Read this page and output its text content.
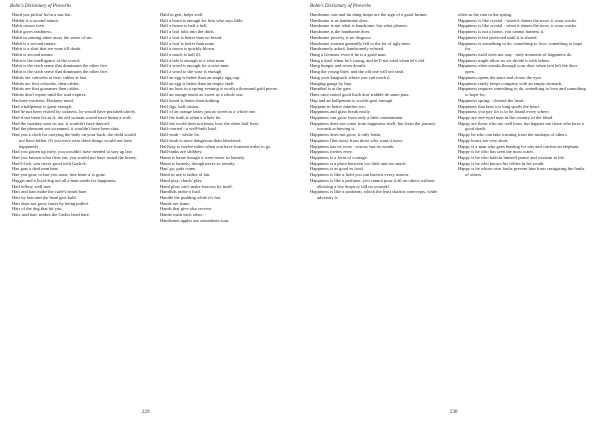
Bohn's Dictionary of Proverbs

Haud yuz pickin' bu'in a sun hot.

Habbit is a second nature.

Habit causes love.

Habit gives readiness.

Habit in sinning takes away the sense of sin.

Habit is a second nature.

Habit is a shirt that we wear till death.

Habit is second nature.

Habit is the intelligence of the crowd.

Habit is the sixth sense that dominates the other five.

Habit is the sixth sense that dominates the other five.

Habits are cobwebs at first; cables at last.

Habits are first cobwebs, then cables.

Habits are first gossamer then cables.

Habits don't expire until the soul expires.

Hackney mistress, Hackney maid.

Had a halfpenny is great enough.

Had he not been visited by sickness, he would have perished utterly.

Had it not been for as if, the old woman would have bitten a wolf.

Had the monkey seen its ass, it wouldn't have danced.

Had the pheasant not screamed, it wouldn't have been shot.

Had you a cloth for carrying the baby on your back, the child would not have fallen. (If you were wise these things would not have happened)

Had you gotten up early, you wouldn't have needed to stay up late.

Had you known what fleas eat, you would not have tasted the honey.

Had-I-fish, was never good with Garlick.

Hae gars a deaf man hear.

Hae you gear, or hae you none, tine heart a' is gone.

Haggis and a loyal dog are all a man needs for happiness.

Hail fellow, well met.

Hair and hair make the carle's beard bare.

Hair by hair and the head gets bald.

Hair does not grow faster by being pulled.

Hair of the dog that bit you.

Hair, and hair, makes the Carles head bare.

Hald in gett, helps well.

Half a brain is enough for him who says little.

Half a house is half a hell.

Half a loaf falls into the ditch.

Half a loaf is better than no bread.

Half a loaf is better than none.

Half a moon is quickly blown.

Half a much is half ill.

Half a tale is enough to a wise man.

Half a word is enough for a wise man.

Half a word to the wise is enough.

Half an egg is better than an empty egg-cup.

Half an egg is better than an empty shell.

Half an hour in a spring evening is worth a thousand gold pieces.

Half an orange tastes as sweet as a whole one.

Half bread is better than nothing.

Half figs, half raisins.

Half of an orange tastes just as sweet as a whole one.

Half the truth is often a whole lie.

Half the world does not know how the other half lives.

Half-carried - a well-built load.

Half-truth - whole lie.

Half-truth is more dangerous than falsehood.

Halfway is twelve miles when you have fourteen miles to go.

Hall-binks are sliddery.

Hame is hame though it were never so hamely.

Hame is hamely, though never so seemly.

Han' go, paki come.

Hand in use is father of lair.

Hand play, churls' play.

Hand plow can't make furrows by itself.

Handfuls make a load.

Handle the pudding while it's hot.

Hands are loans.

Hands that give also receive.

Hands wash each other.

Handsome apples are sometimes sour.

229
Bohn's Dictionary of Proverbs

Handsome cats and fat dung heaps are the sign of a good farmer.

Handsome is as handsome does.

Handsome is not what is handsome, but what pleases.

Handsome is the handsome does.

Handsome poverty is no disgrace.

Handsome women generally fall to the lot of ugly men.

Handsomely asked, handsomely refused.

Hang a German, even if he is a good man.

Hang a thief when he's young, and he'll not steal when he's old.

Hang hunger and rown drouth.

Hang the young thief, and the old one will not steal.

Hang your knapsack where you can reach it.

Hanging gangs by hap.

Hannibal is at the gate.

Hans once tasted good buck don' trabble de same pass.

Hap and an halfpennie is worlds gear enough.

Happens in better families too.

Happiness and glass break easily.

Happiness can grow from only a little contentment.

Happiness does not come from happiness itself, but from the journey towards achieving it.

Happiness does not grow, it only lends.

Happiness flies away from those who want it most.

Happiness has its roots - sorrow has its womb.

Happiness invites envy.

Happiness is a form of courage.

Happiness is a place between too little and too much.

Happiness is as good as food.

Happiness is like a field you can harvest every season.

Happiness is like a perfume, you cannot pour it all on others without allowing a few drops to fall on yourself.

Happiness is like a sunbeam, which the least shadow intercepts, while adversity is

often as the rain in the spring.

Happiness is like crystal - when it shines the most, it soon cracks.

Happiness is like crystal - when it shines the most, it soon cracks.

Happiness is not a horse, you cannot harness it.

Happiness is not perfected until it is shared.

Happiness is something to do, something to love, something to hope for.

Happiness itself does not stay - only moments of happiness do.

Happiness might allow us we divide it with others.

Happiness often sneaks through your door when you left the door open.

Happiness opens the arms and closes the eyes.

Happiness rarely keeps company with an empty stomach.

Happiness requires something to do, something to love and something to hope for.

Happiness spring - cleanse the heart.

Happiness that lasts too long spoils the heart.

Happiness you pay for is to be found every where.

Happy are one-eyed men in the country of the blind.

Happy are those who are well born, but happier are those who have a good death.

Happy he who can take warning from the mishaps of others.

Happy hours are very short.

Happy is a man who goes hunting for rats and catches an elephant.

Happy is he who has seen the most water.

Happy is he who hath in himself praise and wisdom in life.

Happy is he who knows his follies in his youth.

Happy is he whose own faults prevent him from castigating the faults of others.

230
